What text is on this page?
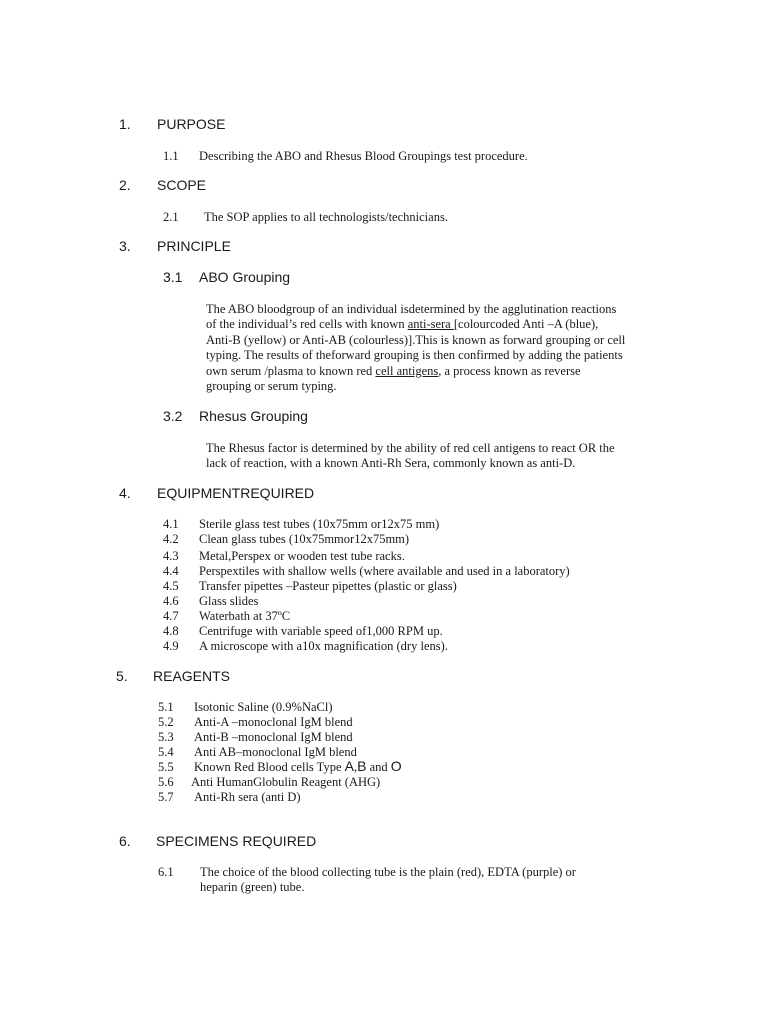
1. PURPOSE
1.1 Describing the ABO and Rhesus Blood Groupings test procedure.
2. SCOPE
2.1 The SOP applies to all technologists/technicians.
3. PRINCIPLE
3.1 ABO Grouping
The ABO bloodgroup of an individual isdetermined by the agglutination reactions
of the individual’s red cells with known anti-sera [colourcoded Anti –A (blue),
Anti-B (yellow) or Anti-AB (colourless)].This is known as forward grouping or cell
typing. The results of theforward grouping is then confirmed by adding the patients
own serum /plasma to known red cell antigens, a process known as reverse
grouping or serum typing.
3.2 Rhesus Grouping
The Rhesus factor is determined by the ability of red cell antigens to react OR the
lack of reaction, with a known Anti-Rh Sera, commonly known as anti-D.
4. EQUIPMENTREQUIRED
4.1 Sterile glass test tubes (10x75mm or12x75 mm)
4.2 Clean glass tubes (10x75mmor12x75mm)
4.3 Metal,Perspex or wooden test tube racks.
4.4 Perspextiles with shallow wells (where available and used in a laboratory)
4.5 Transfer pipettes –Pasteur pipettes (plastic or glass)
4.6 Glass slides
4.7 Waterbath at 37ºC
4.8 Centrifuge with variable speed of1,000 RPM up.
4.9 A microscope with a10x magnification (dry lens).
5. REAGENTS
5.1 Isotonic Saline (0.9%NaCl)
5.2 Anti-A –monoclonal IgM blend
5.3 Anti-B –monoclonal IgM blend
5.4 Anti AB–monoclonal IgM blend
5.5 Known Red Blood cells Type A,B and O
5.6 Anti HumanGlobulin Reagent (AHG)
5.7 Anti-Rh sera (anti D)
6. SPECIMENS REQUIRED
6.1 The choice of the blood collecting tube is the plain (red), EDTA (purple) or
heparin (green) tube.
